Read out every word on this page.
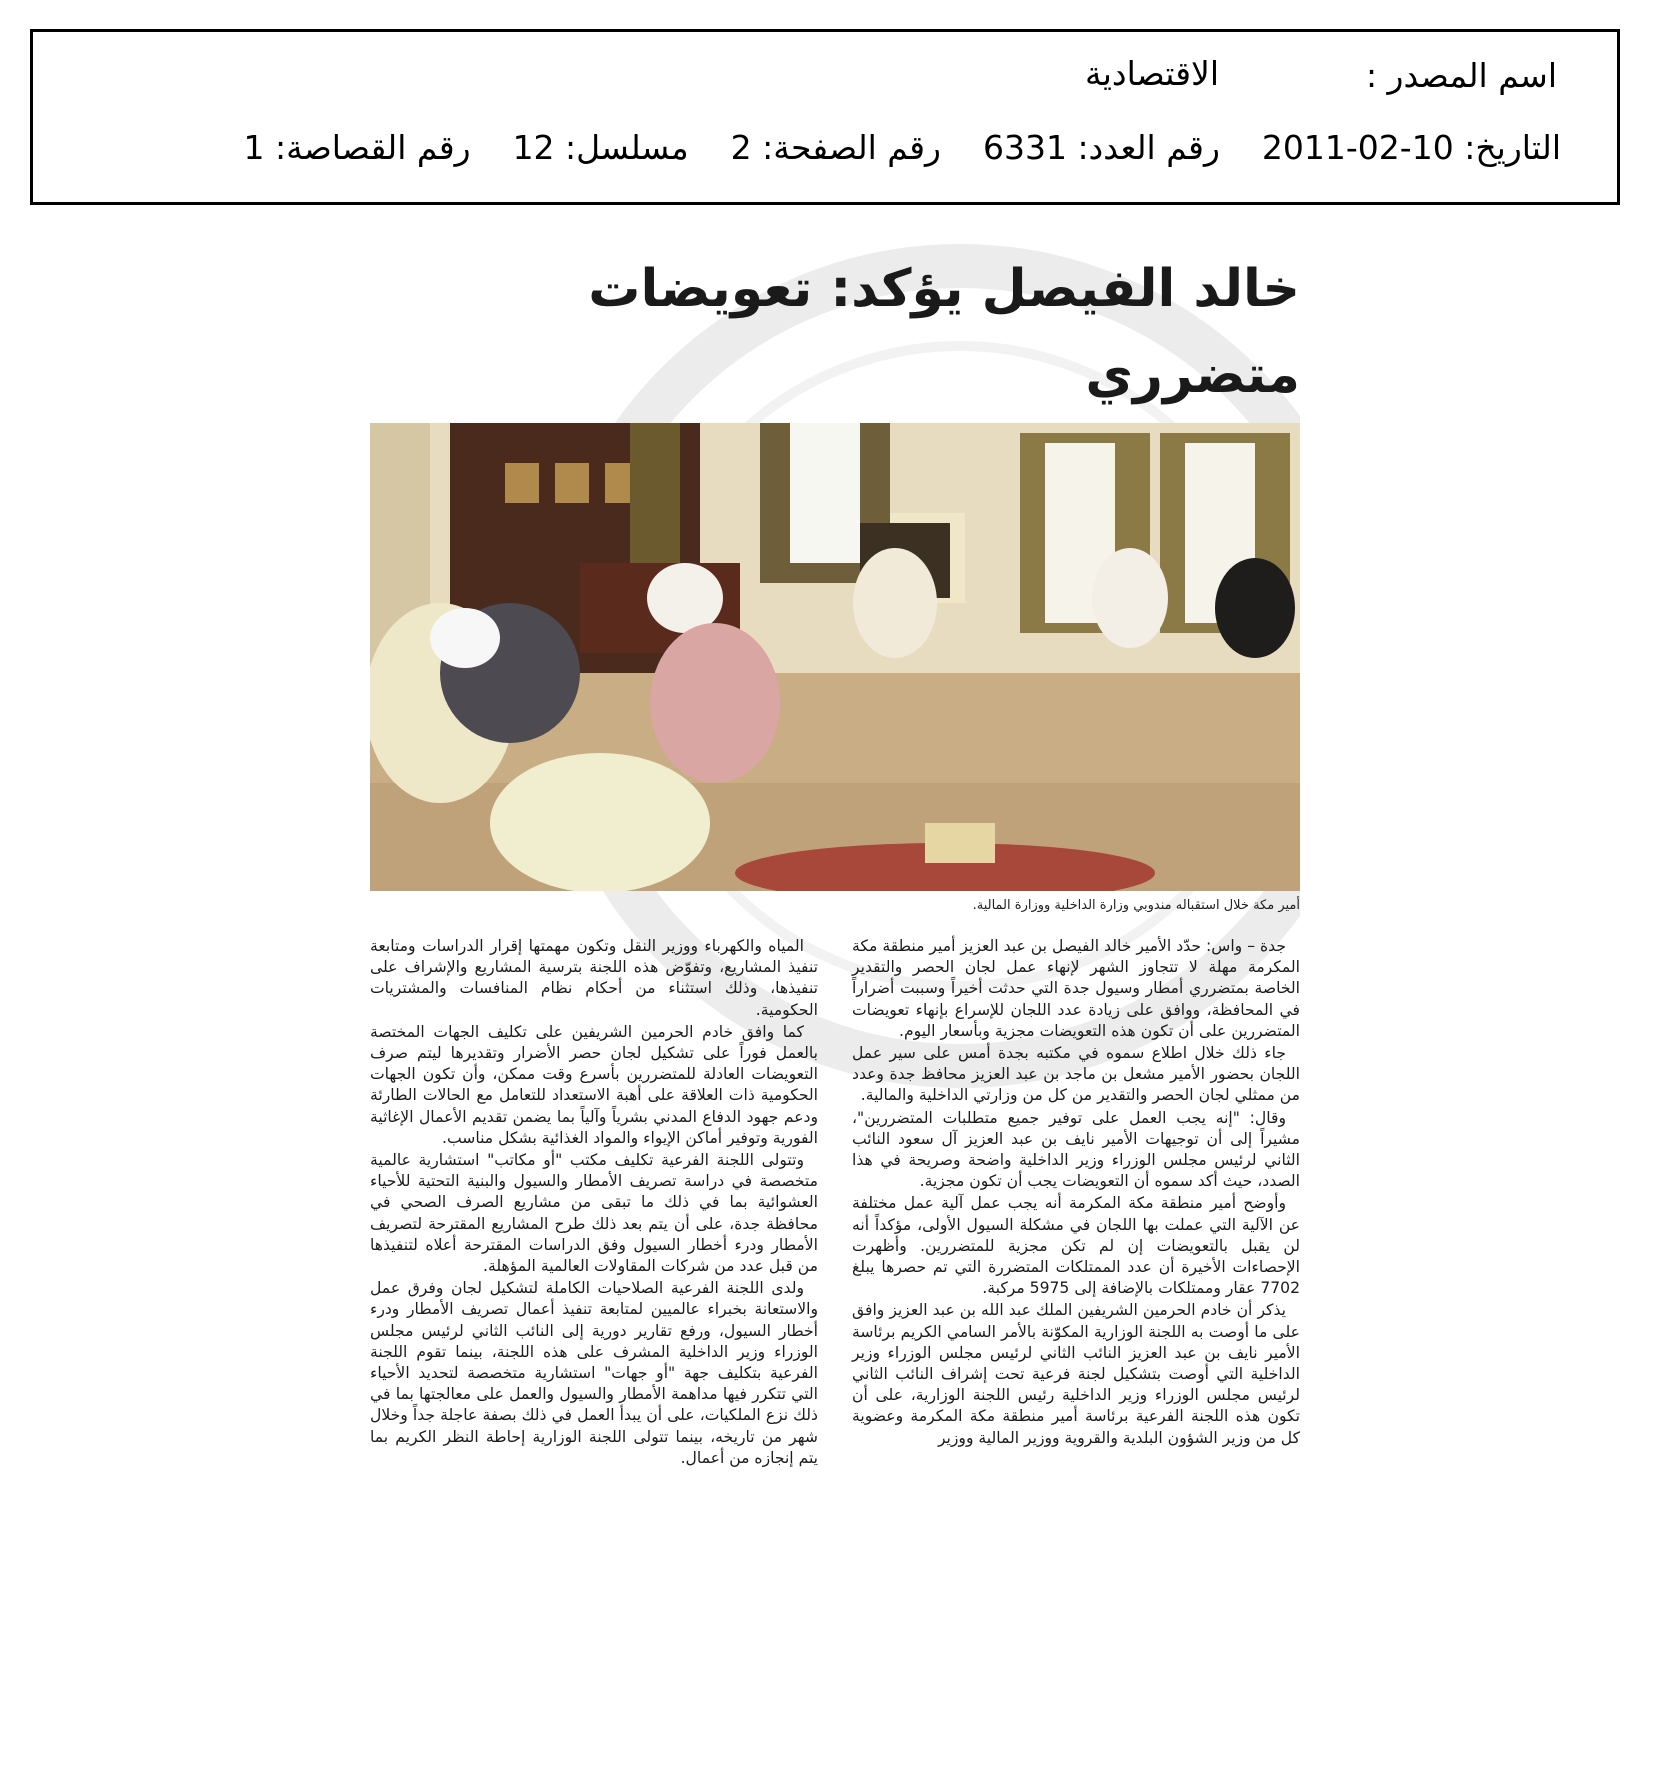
اسم المصدر :
الاقتصادية
التاريخ: 10-02-2011رقم العدد: 6331رقم الصفحة: 2مسلسل: 12رقم القصاصة: 1
خالد الفيصل يؤكد: تعويضات متضرري
أمير مكة خلال استقباله مندوبي وزارة الداخلية ووزارة المالية.

جدة – واس: حدّد الأمير خالد الفيصل بن عبد العزيز أمير منطقة مكة المكرمة مهلة لا تتجاوز الشهر لإنهاء عمل لجان الحصر والتقدير الخاصة بمتضرري أمطار وسيول جدة التي حدثت أخيراً وسببت أضراراً في المحافظة، ووافق على زيادة عدد اللجان للإسراع بإنهاء تعويضات المتضررين على أن تكون هذه التعويضات مجزية وبأسعار اليوم.

جاء ذلك خلال اطلاع سموه في مكتبه بجدة أمس على سير عمل اللجان بحضور الأمير مشعل بن ماجد بن عبد العزيز محافظ جدة وعدد من ممثلي لجان الحصر والتقدير من كل من وزارتي الداخلية والمالية.

وقال: "إنه يجب العمل على توفير جميع متطلبات المتضررين"، مشيراً إلى أن توجيهات الأمير نايف بن عبد العزيز آل سعود النائب الثاني لرئيس مجلس الوزراء وزير الداخلية واضحة وصريحة في هذا الصدد، حيث أكد سموه أن التعويضات يجب أن تكون مجزية.

وأوضح أمير منطقة مكة المكرمة أنه يجب عمل آلية عمل مختلفة عن الآلية التي عملت بها اللجان في مشكلة السيول الأولى، مؤكداً أنه لن يقبل بالتعويضات إن لم تكن مجزية للمتضررين. وأظهرت الإحصاءات الأخيرة أن عدد الممتلكات المتضررة التي تم حصرها يبلغ 7702 عقار وممتلكات بالإضافة إلى 5975 مركبة.

يذكر أن خادم الحرمين الشريفين الملك عبد الله بن عبد العزيز وافق على ما أوصت به اللجنة الوزارية المكوّنة بالأمر السامي الكريم برئاسة الأمير نايف بن عبد العزيز النائب الثاني لرئيس مجلس الوزراء وزير الداخلية التي أوصت بتشكيل لجنة فرعية تحت إشراف النائب الثاني لرئيس مجلس الوزراء وزير الداخلية رئيس اللجنة الوزارية، على أن تكون هذه اللجنة الفرعية برئاسة أمير منطقة مكة المكرمة وعضوية كل من وزير الشؤون البلدية والقروية ووزير المالية ووزير

المياه والكهرباء ووزير النقل وتكون مهمتها إقرار الدراسات ومتابعة تنفيذ المشاريع، وتفوّض هذه اللجنة بترسية المشاريع والإشراف على تنفيذها، وذلك استثناء من أحكام نظام المنافسات والمشتريات الحكومية.

كما وافق خادم الحرمين الشريفين على تكليف الجهات المختصة بالعمل فوراً على تشكيل لجان حصر الأضرار وتقديرها ليتم صرف التعويضات العادلة للمتضررين بأسرع وقت ممكن، وأن تكون الجهات الحكومية ذات العلاقة على أهبة الاستعداد للتعامل مع الحالات الطارئة ودعم جهود الدفاع المدني بشرياً وآلياً بما يضمن تقديم الأعمال الإغاثية الفورية وتوفير أماكن الإيواء والمواد الغذائية بشكل مناسب.

وتتولى اللجنة الفرعية تكليف مكتب "أو مكاتب" استشارية عالمية متخصصة في دراسة تصريف الأمطار والسيول والبنية التحتية للأحياء العشوائية بما في ذلك ما تبقى من مشاريع الصرف الصحي في محافظة جدة، على أن يتم بعد ذلك طرح المشاريع المقترحة لتصريف الأمطار ودرء أخطار السيول وفق الدراسات المقترحة أعلاه لتنفيذها من قبل عدد من شركات المقاولات العالمية المؤهلة.

ولدى اللجنة الفرعية الصلاحيات الكاملة لتشكيل لجان وفرق عمل والاستعانة بخبراء عالميين لمتابعة تنفيذ أعمال تصريف الأمطار ودرء أخطار السيول، ورفع تقارير دورية إلى النائب الثاني لرئيس مجلس الوزراء وزير الداخلية المشرف على هذه اللجنة، بينما تقوم اللجنة الفرعية بتكليف جهة "أو جهات" استشارية متخصصة لتحديد الأحياء التي تتكرر فيها مداهمة الأمطار والسيول والعمل على معالجتها بما في ذلك نزع الملكيات، على أن يبدأ العمل في ذلك بصفة عاجلة جداً وخلال شهر من تاريخه، بينما تتولى اللجنة الوزارية إحاطة النظر الكريم بما يتم إنجازه من أعمال.
